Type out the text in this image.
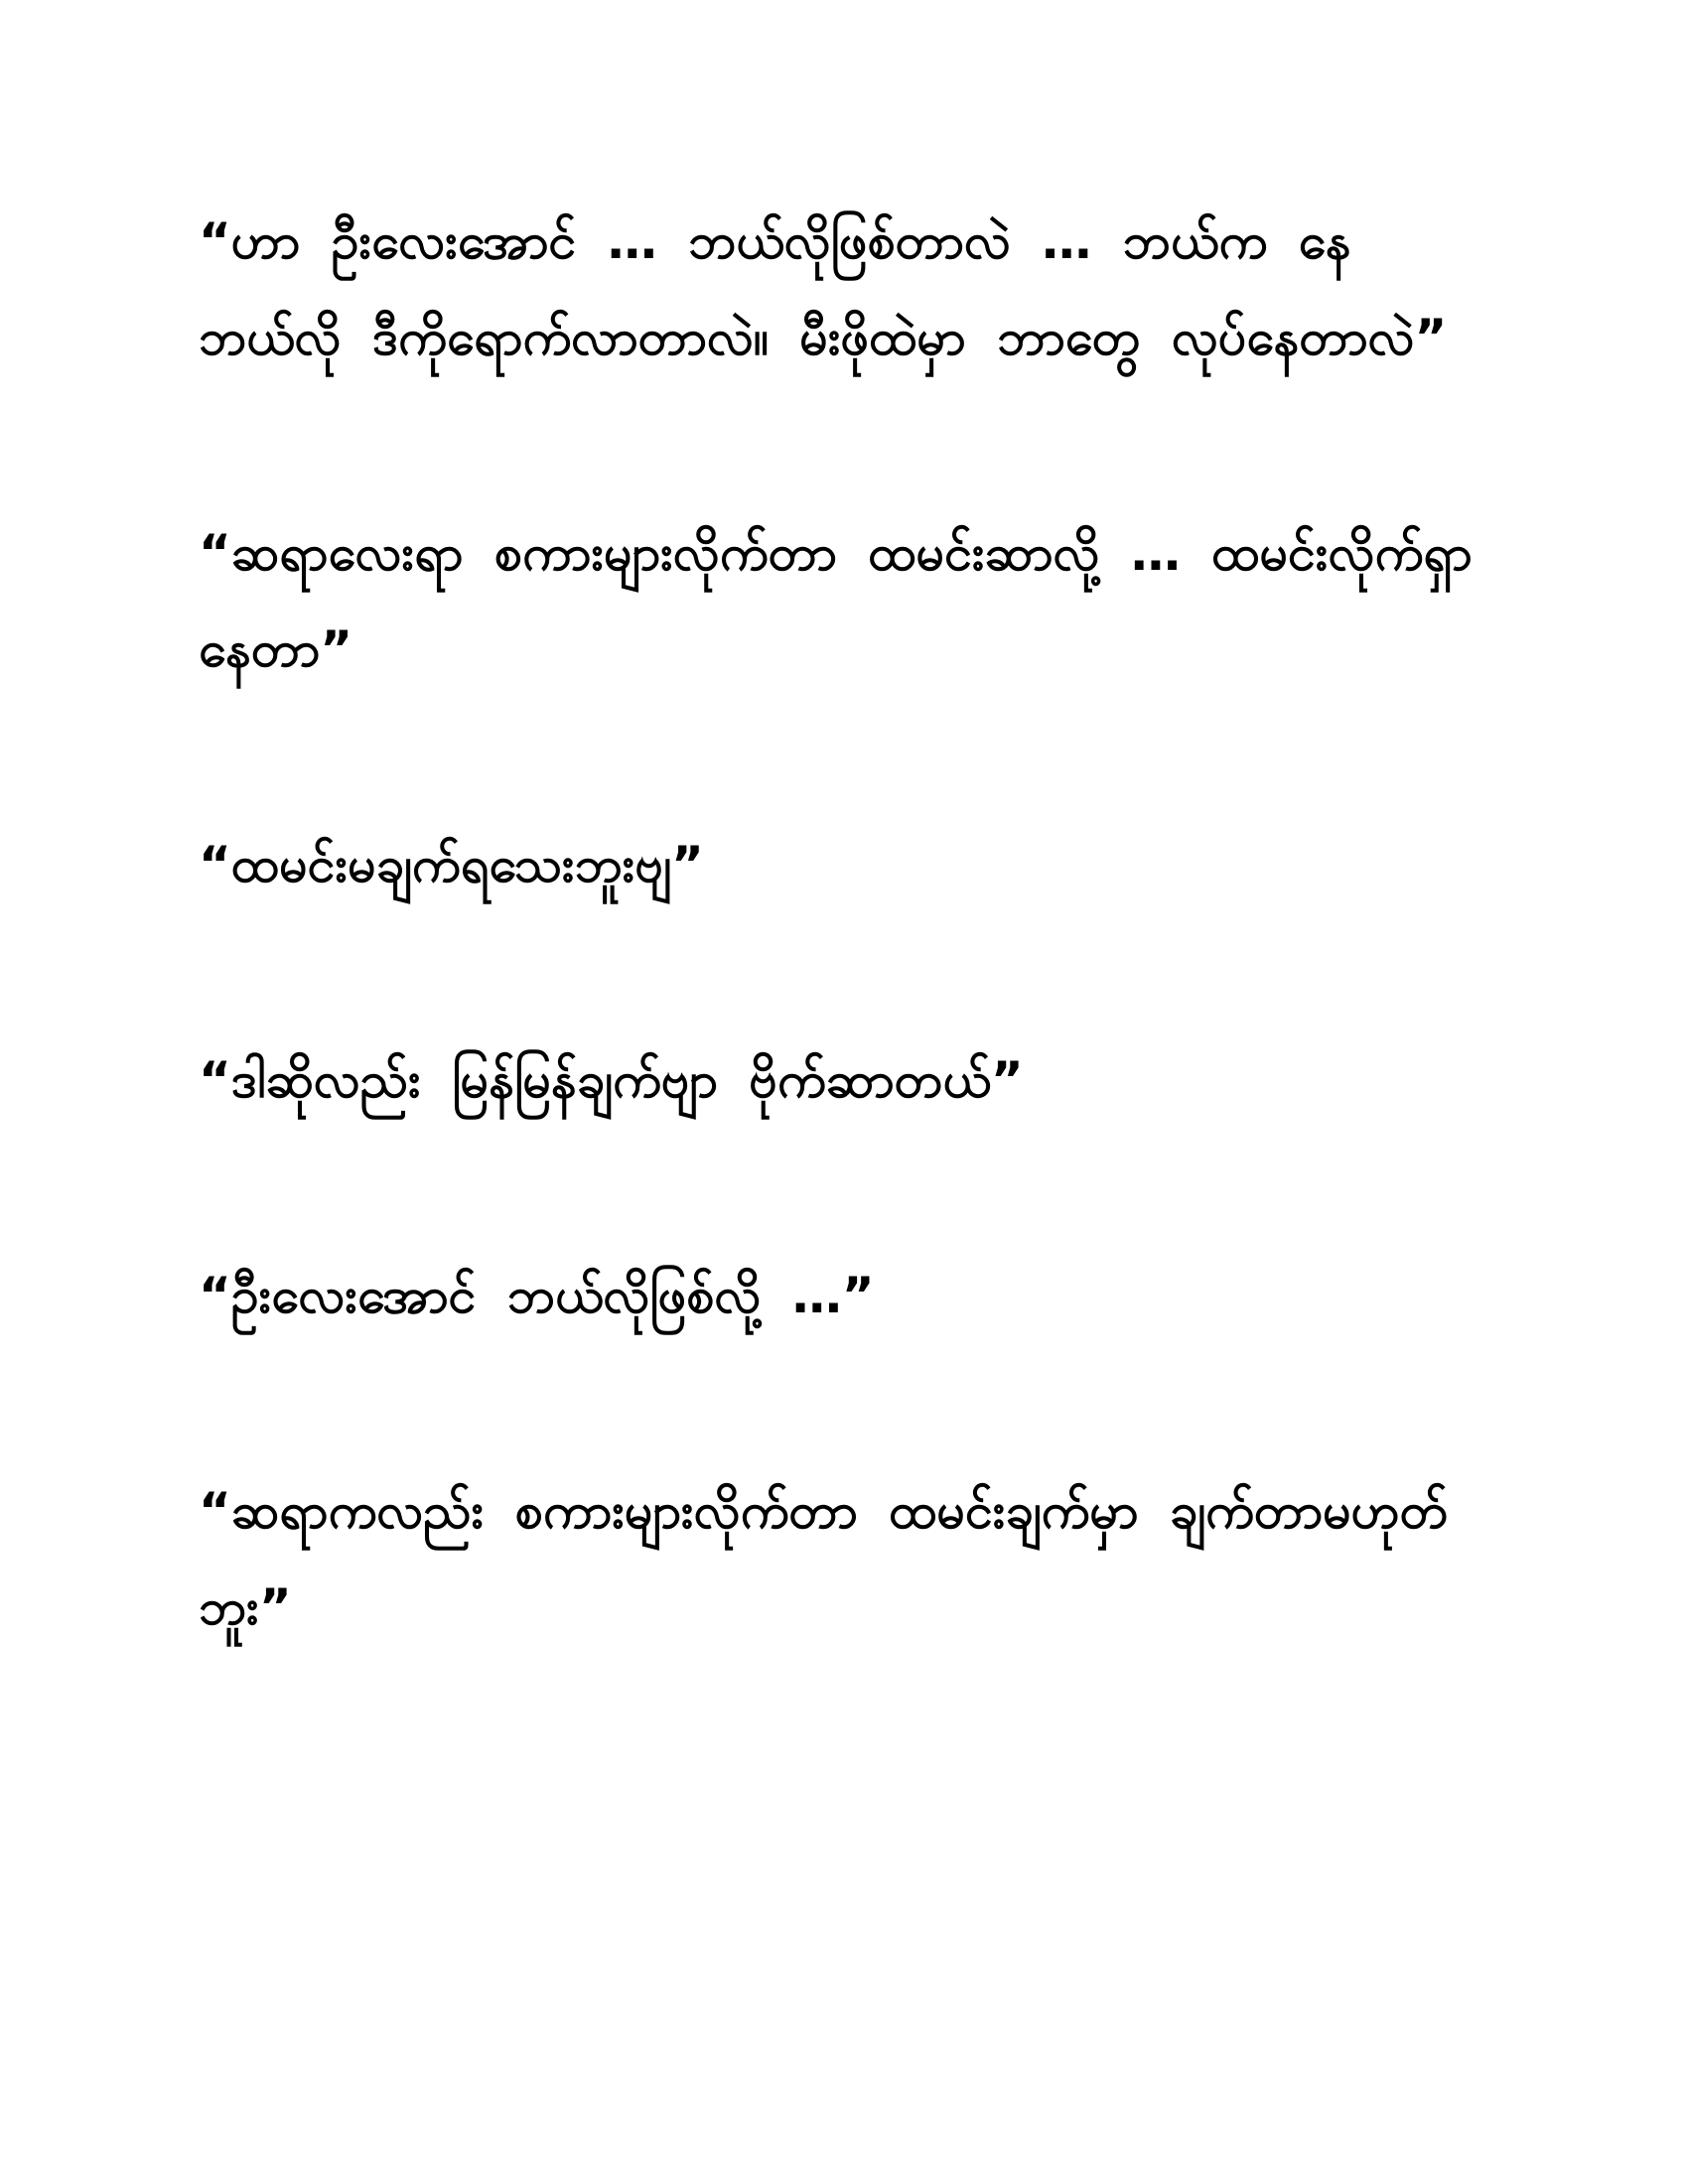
“ဟာ ဦးလေးအောင် … ဘယ်လိုဖြစ်တာလဲ … ဘယ်က နေ ဘယ်လို ဒီကိုရောက်လာတာလဲ။ မီးဖိုထဲမှာ ဘာတွေ လုပ်နေတာလဲ”

“ဆရာလေးရာ စကားများလိုက်တာ ထမင်းဆာလို့ … ထမင်းလိုက်ရှာနေတာ”

“ထမင်းမချက်ရသေးဘူးဗျ”

“ဒါဆိုလည်း မြန်မြန်ချက်ဗျာ ဗိုက်ဆာတယ်”

“ဦးလေးအောင် ဘယ်လိုဖြစ်လို့ …”

“ဆရာကလည်း စကားများလိုက်တာ ထမင်းချက်မှာ ချက်တာမဟုတ်ဘူး”
